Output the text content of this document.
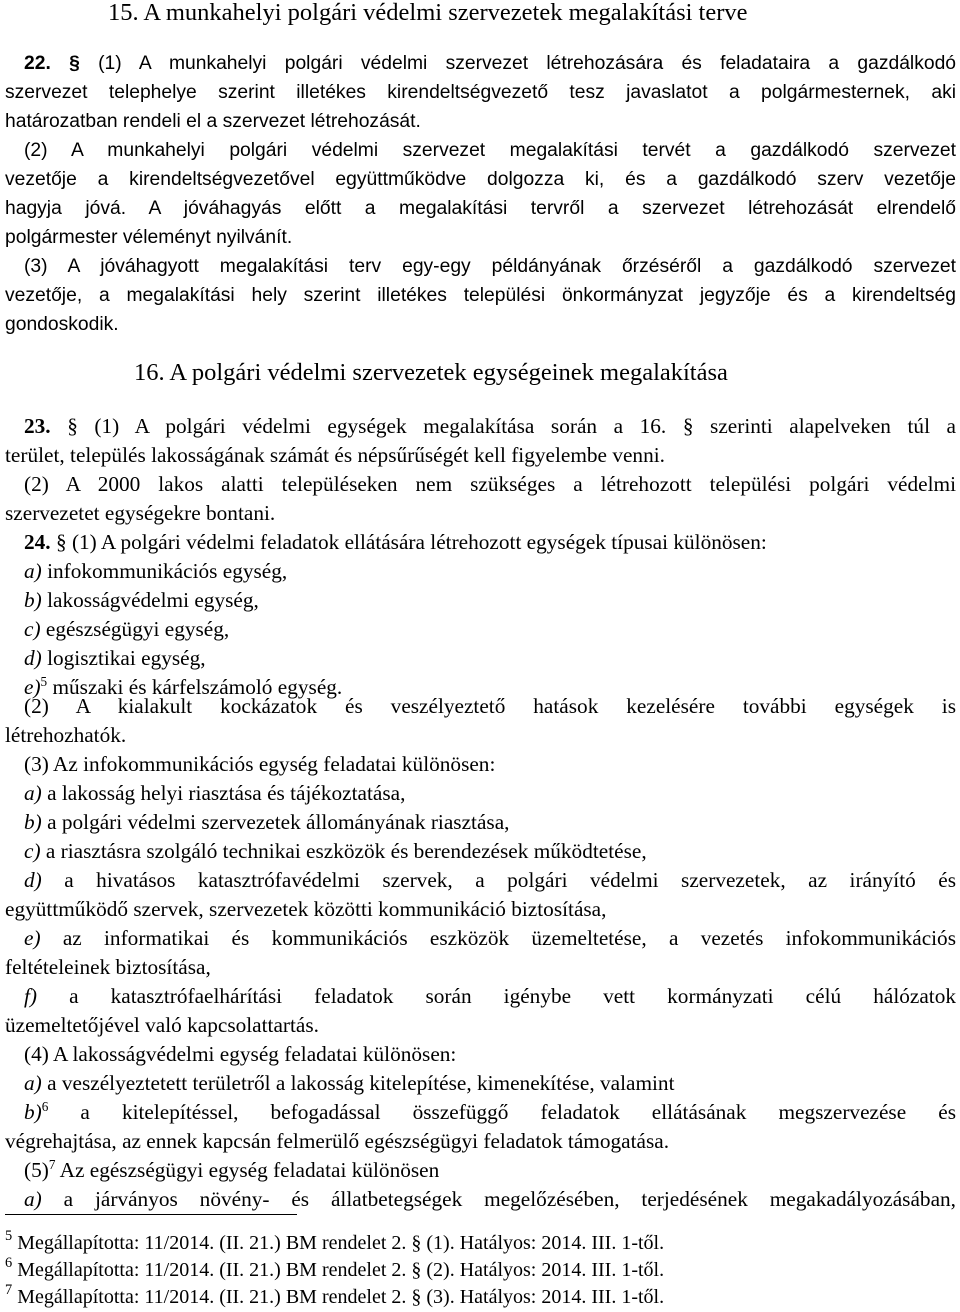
15. A munkahelyi polgári védelmi szervezetek megalakítási terve
22. § (1) A munkahelyi polgári védelmi szervezet létrehozására és feladataira a gazdálkodó
szervezet telephelye szerint illetékes kirendeltségvezető tesz javaslatot a polgármesternek, aki
határozatban rendeli el a szervezet létrehozását.
(2) A munkahelyi polgári védelmi szervezet megalakítási tervét a gazdálkodó szervezet
vezetője a kirendeltségvezetővel együttműködve dolgozza ki, és a gazdálkodó szerv vezetője
hagyja jóvá. A jóváhagyás előtt a megalakítási tervről a szervezet létrehozását elrendelő
polgármester véleményt nyilvánít.
(3) A jóváhagyott megalakítási terv egy-egy példányának őrzéséről a gazdálkodó szervezet
vezetője, a megalakítási hely szerint illetékes települési önkormányzat jegyzője és a kirendeltség
gondoskodik.
16. A polgári védelmi szervezetek egységeinek megalakítása
23. § (1) A polgári védelmi egységek megalakítása során a 16. § szerinti alapelveken túl a
terület, település lakosságának számát és népsűrűségét kell figyelembe venni.
(2) A 2000 lakos alatti településeken nem szükséges a létrehozott települési polgári védelmi
szervezetet egységekre bontani.
24. § (1) A polgári védelmi feladatok ellátására létrehozott egységek típusai különösen:
a) infokommunikációs egység,
b) lakosságvédelmi egység,
c) egészségügyi egység,
d) logisztikai egység,
e)$^5$ műszaki és kárfelszámoló egység.
(2) A kialakult kockázatok és veszélyeztető hatások kezelésére további egységek is
létrehozhatók.
(3) Az infokommunikációs egység feladatai különösen:
a) a lakosság helyi riasztása és tájékoztatása,
b) a polgári védelmi szervezetek állományának riasztása,
c) a riasztásra szolgáló technikai eszközök és berendezések működtetése,
d) a hivatásos katasztrófavédelmi szervek, a polgári védelmi szervezetek, az irányító és
együttműködő szervek, szervezetek közötti kommunikáció biztosítása,
e) az informatikai és kommunikációs eszközök üzemeltetése, a vezetés infokommunikációs
feltételeinek biztosítása,
f) a katasztrófaelhárítási feladatok során igénybe vett kormányzati célú hálózatok
üzemeltetőjével való kapcsolattartás.
(4) A lakosságvédelmi egység feladatai különösen:
a) a veszélyeztetett területről a lakosság kitelepítése, kimenekítése, valamint
b)$^6$ a kitelepítéssel, befogadással összefüggő feladatok ellátásának megszervezése és
végrehajtása, az ennek kapcsán felmerülő egészségügyi feladatok támogatása.
$(5)^7$ Az egészségügyi egység feladatai különösen
a) a járványos növény- és állatbetegségek megelőzésében, terjedésének megakadályozásában,
$^5$ Megállapította: 11/2014. (II. 21.) BM rendelet 2. § (1). Hatályos: 2014. III. 1-től.
$^6$ Megállapította: 11/2014. (II. 21.) BM rendelet 2. § (2). Hatályos: 2014. III. 1-től.
$^7$ Megállapította: 11/2014. (II. 21.) BM rendelet 2. § (3). Hatályos: 2014. III. 1-től.
